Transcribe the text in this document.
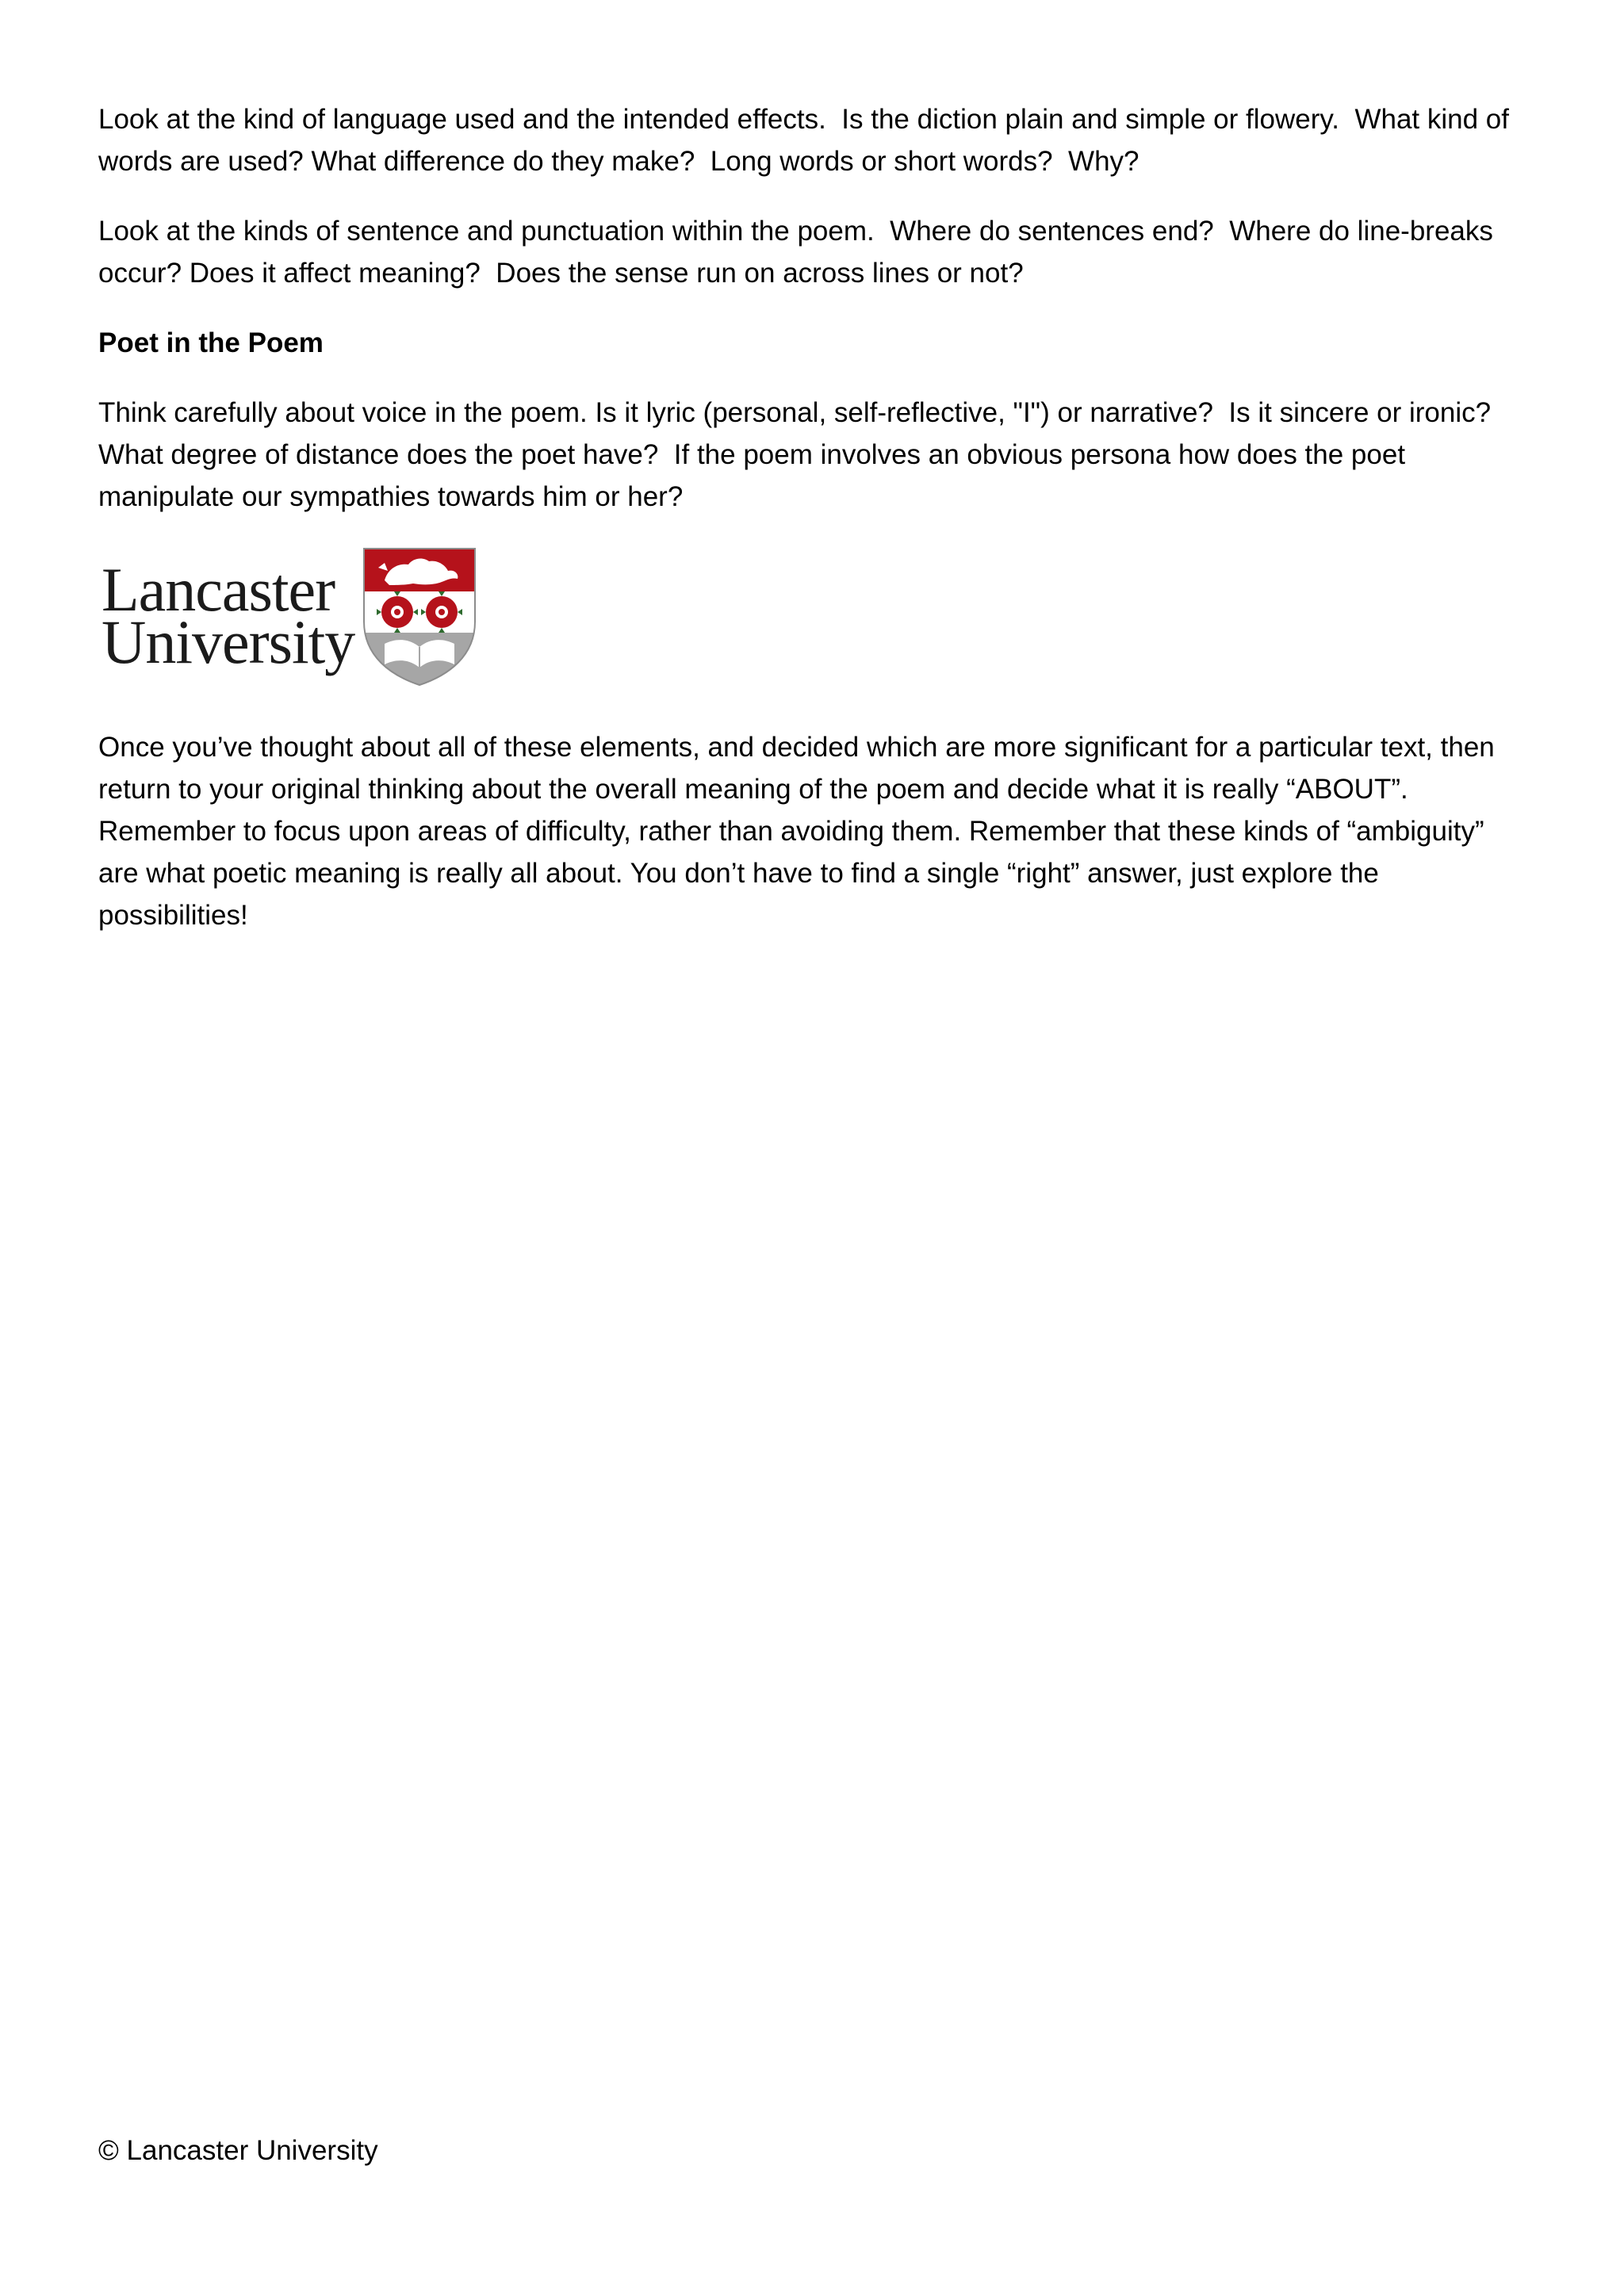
Look at the kind of language used and the intended effects.  Is the diction plain and simple or flowery.  What kind of words are used? What difference do they make?  Long words or short words?  Why?

Look at the kinds of sentence and punctuation within the poem.  Where do sentences end?  Where do line-breaks occur? Does it affect meaning?  Does the sense run on across lines or not?

Poet in the Poem

Think carefully about voice in the poem. Is it lyric (personal, self-reflective, "I") or narrative?  Is it sincere or ironic?  What degree of distance does the poet have?  If the poem involves an obvious persona how does the poet manipulate our sympathies towards him or her?

Lancaster
University

Once you’ve thought about all of these elements, and decided which are more significant for a particular text, then return to your original thinking about the overall meaning of the poem and decide what it is really “ABOUT”. Remember to focus upon areas of difficulty, rather than avoiding them. Remember that these kinds of “ambiguity” are what poetic meaning is really all about. You don’t have to find a single “right” answer, just explore the possibilities!

© Lancaster University
